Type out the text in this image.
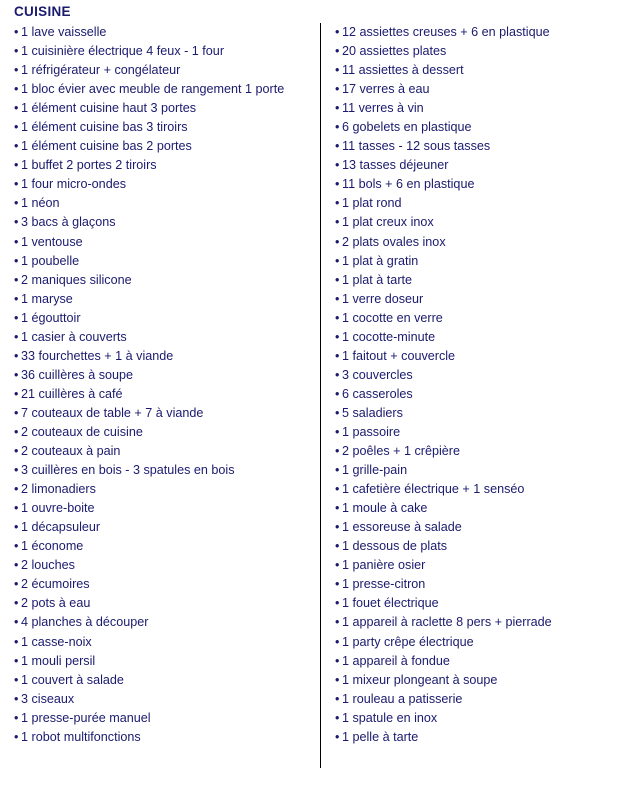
CUISINE
• 1 lave vaisselle
• 1 cuisinière électrique 4 feux - 1 four
• 1 réfrigérateur + congélateur
• 1 bloc évier avec meuble de rangement 1 porte
• 1 élément cuisine haut 3 portes
• 1 élément cuisine bas 3 tiroirs
• 1 élément cuisine bas 2 portes
• 1 buffet 2 portes 2 tiroirs
• 1 four micro-ondes
• 1 néon
• 3 bacs à glaçons
• 1 ventouse
• 1 poubelle
• 2 maniques silicone
• 1 maryse
• 1 égouttoir
• 1 casier à couverts
• 33 fourchettes + 1 à viande
• 36 cuillères à soupe
• 21 cuillères à café
• 7 couteaux de table + 7 à viande
• 2 couteaux de cuisine
• 2 couteaux à pain
• 3 cuillères en bois - 3 spatules en bois
• 2 limonadiers
• 1 ouvre-boite
• 1 décapsuleur
• 1 économe
• 2 louches
• 2 écumoires
• 2 pots à eau
• 4 planches à découper
• 1 casse-noix
• 1 mouli persil
• 1 couvert à salade
• 3 ciseaux
• 1 presse-purée manuel
• 1 robot multifonctions
• 12 assiettes creuses + 6 en plastique
• 20 assiettes plates
• 11 assiettes à dessert
• 17 verres à eau
• 11 verres à vin
• 6 gobelets en plastique
• 11 tasses - 12 sous tasses
• 13 tasses déjeuner
• 11 bols + 6 en plastique
• 1 plat rond
• 1 plat creux inox
• 2 plats ovales inox
• 1 plat à gratin
• 1 plat à tarte
• 1 verre doseur
• 1 cocotte en verre
• 1 cocotte-minute
• 1 faitout + couvercle
• 3 couvercles
• 6 casseroles
• 5 saladiers
• 1 passoire
• 2 poêles + 1 crêpière
• 1 grille-pain
• 1 cafetière électrique + 1 senséo
• 1 moule à cake
• 1 essoreuse à salade
• 1 dessous de plats
• 1 panière osier
• 1 presse-citron
• 1 fouet électrique
• 1 appareil à raclette 8 pers + pierrade
• 1 party crêpe électrique
• 1 appareil à fondue
• 1 mixeur plongeant à soupe
• 1 rouleau a patisserie
• 1 spatule en inox
• 1 pelle à tarte
